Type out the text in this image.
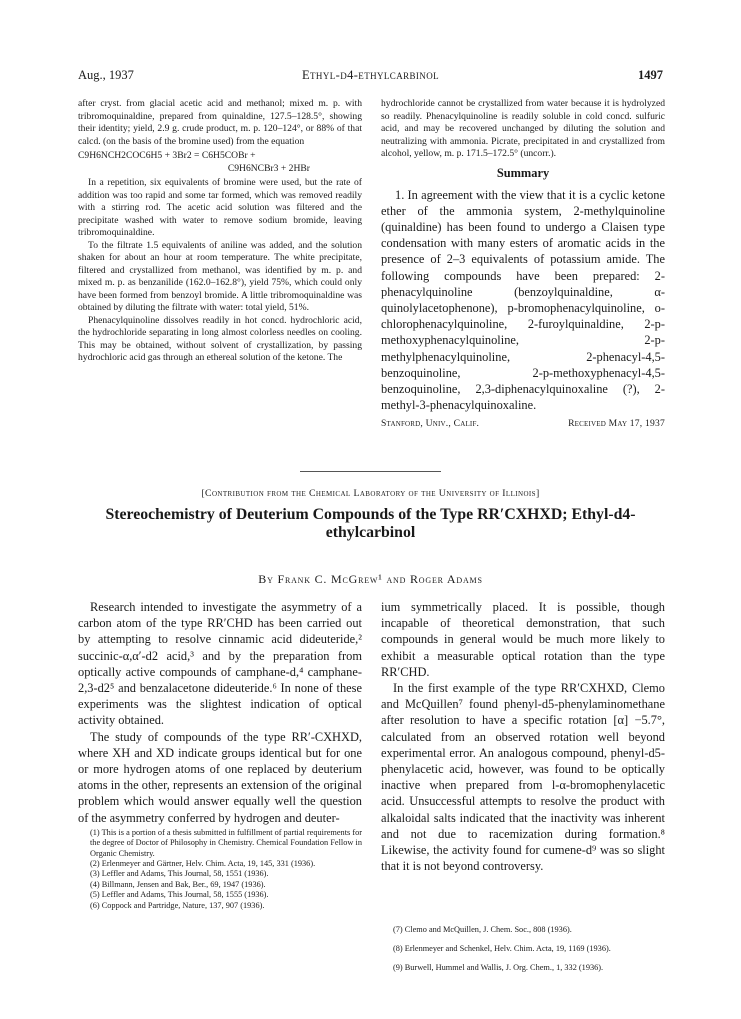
Aug., 1937	Ethyl-d4-ethylcarbinol	1497

after cryst. from glacial acetic acid and methanol; mixed m. p. with tribromoquinaldine, prepared from quinaldine, 127.5–128.5°, showing their identity; yield, 2.9 g. crude product, m. p. 120–124°, or 88% of that calcd. (on the basis of the bromine used) from the equation

C9H6NCH2COC6H5 + 3Br2 = C6H5COBr +

C9H6NCBr3 + 2HBr

In a repetition, six equivalents of bromine were used, but the rate of addition was too rapid and some tar formed, which was removed readily with a stirring rod. The acetic acid solution was filtered and the precipitate washed with water to remove sodium bromide, leaving tribromoquinaldine.

To the filtrate 1.5 equivalents of aniline was added, and the solution shaken for about an hour at room temperature. The white precipitate, filtered and crystallized from methanol, was identified by m. p. and mixed m. p. as benzanilide (162.0–162.8°), yield 75%, which could only have been formed from benzoyl bromide. A little tribromoquinaldine was obtained by diluting the filtrate with water: total yield, 51%.

Phenacylquinoline dissolves readily in hot concd. hydrochloric acid, the hydrochloride separating in long almost colorless needles on cooling. This may be obtained, without solvent of crystallization, by passing hydrochloric acid gas through an ethereal solution of the ketone. The

hydrochloride cannot be crystallized from water because it is hydrolyzed so readily. Phenacylquinoline is readily soluble in cold concd. sulfuric acid, and may be recovered unchanged by diluting the solution and neutralizing with ammonia. Picrate, precipitated in and crystallized from alcohol, yellow, m. p. 171.5–172.5° (uncorr.).

Summary

1. In agreement with the view that it is a cyclic ketone ether of the ammonia system, 2-methylquinoline (quinaldine) has been found to undergo a Claisen type condensation with many esters of aromatic acids in the presence of 2–3 equivalents of potassium amide. The following compounds have been prepared: 2-phenacylquinoline (benzoylquinaldine, α-quinolylacetophenone), p-bromophenacylquinoline, o-chlorophenacylquinoline, 2-furoylquinaldine, 2-p-methoxyphenacylquinoline, 2-p-methylphenacylquinoline, 2-phenacyl-4,5-benzoquinoline, 2-p-methoxyphenacyl-4,5-benzoquinoline, 2,3-diphenacylquinoxaline (?), 2-methyl-3-phenacylquinoxaline.

Stanford, Univ., Calif.	Received May 17, 1937
[Contribution from the Chemical Laboratory of the University of Illinois]
Stereochemistry of Deuterium Compounds of the Type RR′CXHXD; Ethyl-d4-
ethylcarbinol
By Frank C. McGrew¹ and Roger Adams

Research intended to investigate the asymmetry of a carbon atom of the type RR′CHD has been carried out by attempting to resolve cinnamic acid dideuteride,² succinic-α,α′-d2 acid,³ and by the preparation from optically active compounds of camphane-d,⁴ camphane-2,3-d2⁵ and benzalacetone dideuteride.⁶ In none of these experiments was the slightest indication of optical activity obtained.

The study of compounds of the type RR′-CXHXD, where XH and XD indicate groups identical but for one or more hydrogen atoms of one replaced by deuterium atoms in the other, represents an extension of the original problem which would answer equally well the question of the asymmetry conferred by hydrogen and deuter-

(1) This is a portion of a thesis submitted in fulfillment of partial requirements for the degree of Doctor of Philosophy in Chemistry. Chemical Foundation Fellow in Organic Chemistry.

(2) Erlenmeyer and Gärtner, Helv. Chim. Acta, 19, 145, 331 (1936).

(3) Leffler and Adams, This Journal, 58, 1551 (1936).

(4) Billmann, Jensen and Bak, Ber., 69, 1947 (1936).

(5) Leffler and Adams, This Journal, 58, 1555 (1936).

(6) Coppock and Partridge, Nature, 137, 907 (1936).

ium symmetrically placed. It is possible, though incapable of theoretical demonstration, that such compounds in general would be much more likely to exhibit a measurable optical rotation than the type RR′CHD.

In the first example of the type RR′CXHXD, Clemo and McQuillen⁷ found phenyl-d5-phenylaminomethane after resolution to have a specific rotation [α] −5.7°, calculated from an observed rotation well beyond experimental error. An analogous compound, phenyl-d5-phenylacetic acid, however, was found to be optically inactive when prepared from l-α-bromophenylacetic acid. Unsuccessful attempts to resolve the product with alkaloidal salts indicated that the inactivity was inherent and not due to racemization during formation.⁸ Likewise, the activity found for cumene-d⁹ was so slight that it is not beyond controversy.

(7) Clemo and McQuillen, J. Chem. Soc., 808 (1936).

(8) Erlenmeyer and Schenkel, Helv. Chim. Acta, 19, 1169 (1936).

(9) Burwell, Hummel and Wallis, J. Org. Chem., 1, 332 (1936).
